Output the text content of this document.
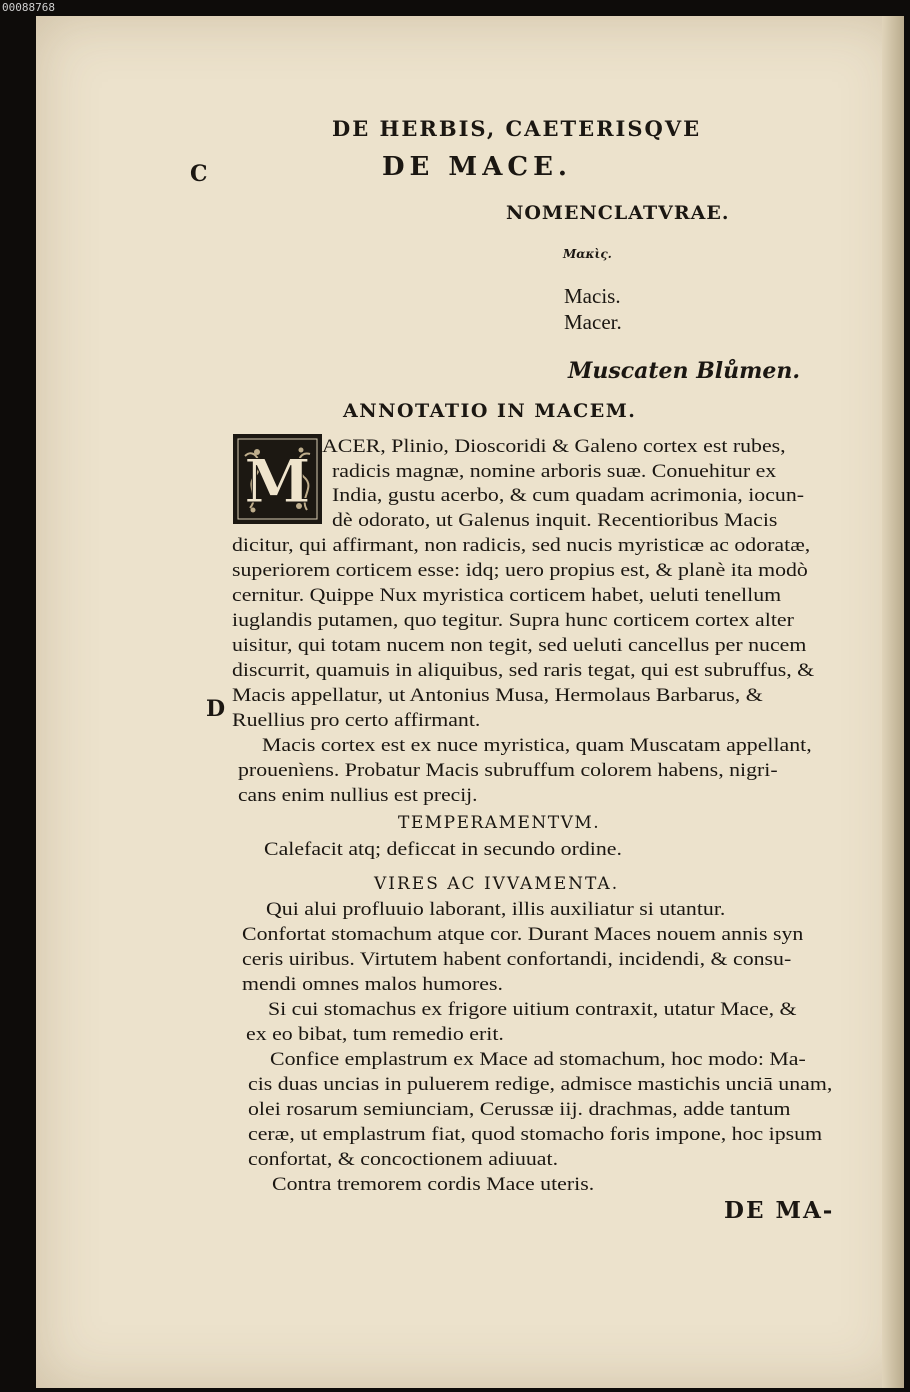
00088768
DE HERBIS, CAETERISQVE
DE MACE.
C
D
NOMENCLATVRAE.
Μακὶς.
Macis.
Macer.
Muscaten Blůmen.
ANNOTATIO IN MACEM.
M
ACER, Plinio, Dioscoridi & Galeno cortex est rubes,
radicis magnæ, nomine arboris suæ. Conuehitur ex
India, gustu acerbo, & cum quadam acrimonia, iocun-
dè odorato, ut Galenus inquit. Recentioribus Macis
dicitur, qui affirmant, non radicis, sed nucis myristicæ ac odoratæ,
superiorem corticem esse: idq; uero propius est, & planè ita modò
cernitur. Quippe Nux myristica corticem habet, ueluti tenellum
iuglandis putamen, quo tegitur. Supra hunc corticem cortex alter
uisitur, qui totam nucem non tegit, sed ueluti cancellus per nucem
discurrit, quamuis in aliquibus, sed raris tegat, qui est subruffus, &
Macis appellatur, ut Antonius Musa, Hermolaus Barbarus, &
Ruellius pro certo affirmant.
Macis cortex est ex nuce myristica, quam Muscatam appellant,
prouenìens. Probatur Macis subruffum colorem habens, nigri-
cans enim nullius est precij.
TEMPERAMENTVM.
Calefacit atq; deficcat in secundo ordine.
VIRES AC IVVAMENTA.
Qui alui profluuio laborant, illis auxiliatur si utantur.
Confortat stomachum atque cor. Durant Maces nouem annis syn
ceris uiribus. Virtutem habent confortandi, incidendi, & consu-
mendi omnes malos humores.
Si cui stomachus ex frigore uitium contraxit, utatur Mace, &
ex eo bibat, tum remedio erit.
Confice emplastrum ex Mace ad stomachum, hoc modo: Ma-
cis duas uncias in puluerem redige, admisce mastichis unciā unam,
olei rosarum semiunciam, Cerussæ iij. drachmas, adde tantum
ceræ, ut emplastrum fiat, quod stomacho foris impone, hoc ipsum
confortat, & concoctionem adiuuat.
Contra tremorem cordis Mace uteris.
DE MA-
